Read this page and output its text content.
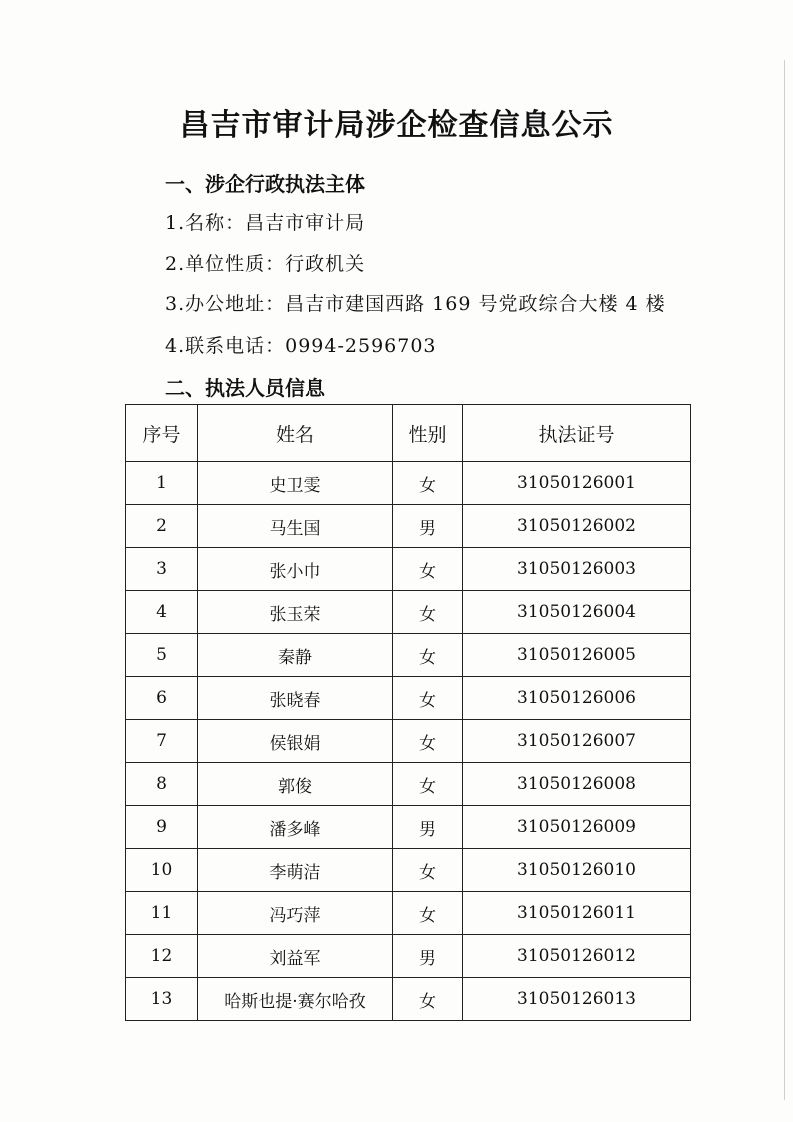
昌吉市审计局涉企检查信息公示
一、涉企行政执法主体
1.名称：昌吉市审计局
2.单位性质：行政机关
3.办公地址：昌吉市建国西路 169 号党政综合大楼 4 楼
4.联系电话：0994-2596703
二、执法人员信息
序号	姓名	性别	执法证号
1	史卫雯	女	31050126001
2	马生国	男	31050126002
3	张小巾	女	31050126003
4	张玉荣	女	31050126004
5	秦静	女	31050126005
6	张晓春	女	31050126006
7	侯银娟	女	31050126007
8	郭俊	女	31050126008
9	潘多峰	男	31050126009
10	李萌洁	女	31050126010
11	冯巧萍	女	31050126011
12	刘益军	男	31050126012
13	哈斯也提·赛尔哈孜	女	31050126013
